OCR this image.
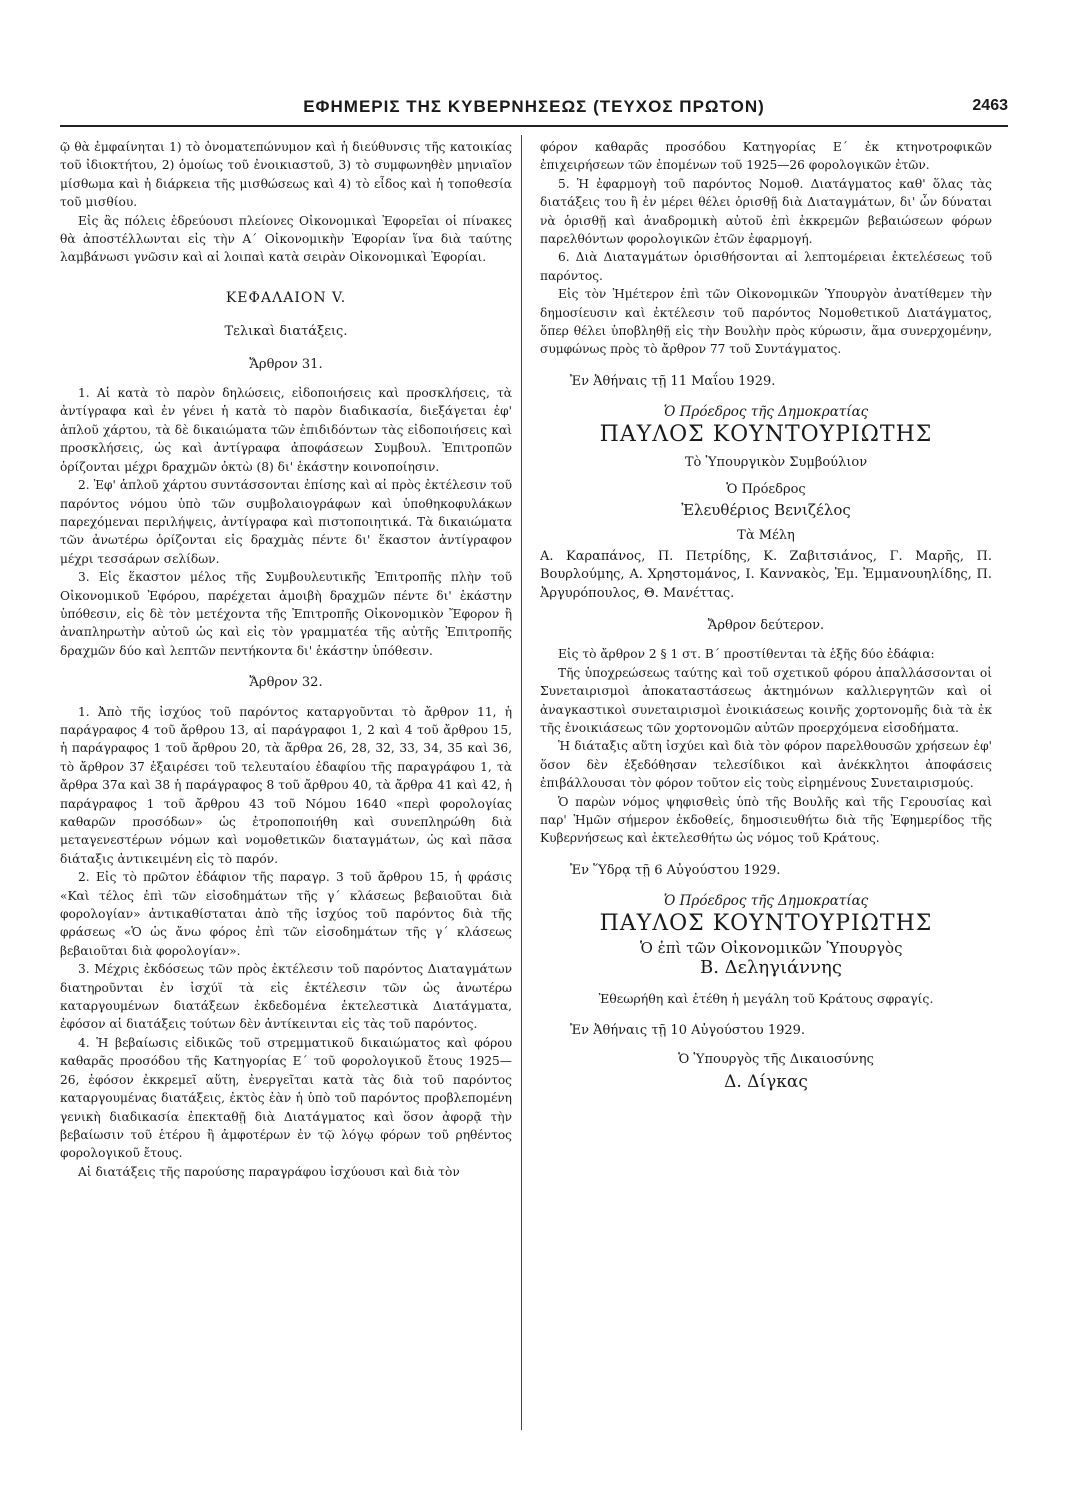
ΕΦΗΜΕΡΙΣ ΤΗΣ ΚΥΒΕΡΝΗΣΕΩΣ (ΤΕΥΧΟΣ ΠΡΩΤΟΝ)	2463

ῷ θὰ ἐμφαίνηται 1) τὸ ὀνοματεπώνυμον καὶ ἡ διεύθυνσις τῆς κατοικίας τοῦ ἰδιοκτήτου, 2) ὁμοίως τοῦ ἐνοικιαστοῦ, 3) τὸ συμφωνηθὲν μηνιαῖον μίσθωμα καὶ ἡ διάρκεια τῆς μισθώσεως καὶ 4) τὸ εἶδος καὶ ἡ τοποθεσία τοῦ μισθίου.

Εἰς ἃς πόλεις ἑδρεύουσι πλείονες Οἰκονομικαὶ Ἐφορεῖαι οἱ πίνακες θὰ ἀποστέλλωνται εἰς τὴν Α΄ Οἰκονομικὴν Ἐφορίαν ἵνα διὰ ταύτης λαμβάνωσι γνῶσιν καὶ αἱ λοιπαὶ κατὰ σειρὰν Οἰκονομικαὶ Ἐφορίαι.

ΚΕΦΑΛΑΙΟΝ V.

Τελικαὶ διατάξεις.

Ἄρθρον 31.

1. Αἱ κατὰ τὸ παρὸν δηλώσεις, εἰδοποιήσεις καὶ προσκλήσεις, τὰ ἀντίγραφα καὶ ἐν γένει ἡ κατὰ τὸ παρὸν διαδικασία, διεξάγεται ἐφ' ἁπλοῦ χάρτου, τὰ δὲ δικαιώματα τῶν ἐπιδιδόντων τὰς εἰδοποιήσεις καὶ προσκλήσεις, ὡς καὶ ἀντίγραφα ἀποφάσεων Συμβουλ. Ἐπιτροπῶν ὁρίζονται μέχρι δραχμῶν ὀκτὼ (8) δι' ἑκάστην κοινοποίησιν.

2. Ἐφ' ἁπλοῦ χάρτου συντάσσονται ἐπίσης καὶ αἱ πρὸς ἐκτέλεσιν τοῦ παρόντος νόμου ὑπὸ τῶν συμβολαιογράφων καὶ ὑποθηκοφυλάκων παρεχόμεναι περιλήψεις, ἀντίγραφα καὶ πιστοποιητικά. Τὰ δικαιώματα τῶν ἀνωτέρω ὁρίζονται εἰς δραχμὰς πέντε δι' ἕκαστον ἀντίγραφον μέχρι τεσσάρων σελίδων.

3. Εἰς ἕκαστον μέλος τῆς Συμβουλευτικῆς Ἐπιτροπῆς πλὴν τοῦ Οἰκονομικοῦ Ἐφόρου, παρέχεται ἀμοιβὴ δραχμῶν πέντε δι' ἑκάστην ὑπόθεσιν, εἰς δὲ τὸν μετέχοντα τῆς Ἐπιτροπῆς Οἰκονομικὸν Ἔφορον ἢ ἀναπληρωτὴν αὐτοῦ ὡς καὶ εἰς τὸν γραμματέα τῆς αὐτῆς Ἐπιτροπῆς δραχμῶν δύο καὶ λεπτῶν πεντήκοντα δι' ἑκάστην ὑπόθεσιν.

Ἄρθρον 32.

1. Ἀπὸ τῆς ἰσχύος τοῦ παρόντος καταργοῦνται τὸ ἄρθρον 11, ἡ παράγραφος 4 τοῦ ἄρθρου 13, αἱ παράγραφοι 1, 2 καὶ 4 τοῦ ἄρθρου 15, ἡ παράγραφος 1 τοῦ ἄρθρου 20, τὰ ἄρθρα 26, 28, 32, 33, 34, 35 καὶ 36, τὸ ἄρθρον 37 ἐξαιρέσει τοῦ τελευταίου ἐδαφίου τῆς παραγράφου 1, τὰ ἄρθρα 37α καὶ 38 ἡ παράγραφος 8 τοῦ ἄρθρου 40, τὰ ἄρθρα 41 καὶ 42, ἡ παράγραφος 1 τοῦ ἄρθρου 43 τοῦ Νόμου 1640 «περὶ φορολογίας καθαρῶν προσόδων» ὡς ἐτροποποιήθη καὶ συνεπληρώθη διὰ μεταγενεστέρων νόμων καὶ νομοθετικῶν διαταγμάτων, ὡς καὶ πᾶσα διάταξις ἀντικειμένη εἰς τὸ παρόν.

2. Εἰς τὸ πρῶτον ἐδάφιον τῆς παραγρ. 3 τοῦ ἄρθρου 15, ἡ φράσις «Καὶ τέλος ἐπὶ τῶν εἰσοδημάτων τῆς γ΄ κλάσεως βεβαιοῦται διὰ φορολογίαν» ἀντικαθίσταται ἀπὸ τῆς ἰσχύος τοῦ παρόντος διὰ τῆς φράσεως «Ὁ ὡς ἄνω φόρος ἐπὶ τῶν εἰσοδημάτων τῆς γ΄ κλάσεως βεβαιοῦται διὰ φορολογίαν».

3. Μέχρις ἐκδόσεως τῶν πρὸς ἐκτέλεσιν τοῦ παρόντος Διαταγμάτων διατηροῦνται ἐν ἰσχύϊ τὰ εἰς ἐκτέλεσιν τῶν ὡς ἀνωτέρω καταργουμένων διατάξεων ἐκδεδομένα ἐκτελεστικὰ Διατάγματα, ἐφόσον αἱ διατάξεις τούτων δὲν ἀντίκεινται εἰς τὰς τοῦ παρόντος.

4. Ἡ βεβαίωσις εἰδικῶς τοῦ στρεμματικοῦ δικαιώματος καὶ φόρου καθαρᾶς προσόδου τῆς Κατηγορίας Ε΄ τοῦ φορολογικοῦ ἔτους 1925—26, ἐφόσον ἐκκρεμεῖ αὕτη, ἐνεργεῖται κατὰ τὰς διὰ τοῦ παρόντος καταργουμένας διατάξεις, ἐκτὸς ἐὰν ἡ ὑπὸ τοῦ παρόντος προβλεπομένη γενικὴ διαδικασία ἐπεκταθῇ διὰ Διατάγματος καὶ ὅσον ἀφορᾷ τὴν βεβαίωσιν τοῦ ἑτέρου ἢ ἀμφοτέρων ἐν τῷ λόγῳ φόρων τοῦ ρηθέντος φορολογικοῦ ἔτους.

Αἱ διατάξεις τῆς παρούσης παραγράφου ἰσχύουσι καὶ διὰ τὸν

φόρον καθαρᾶς προσόδου Κατηγορίας Ε΄ ἐκ κτηνοτροφικῶν ἐπιχειρήσεων τῶν ἐπομένων τοῦ 1925—26 φορολογικῶν ἐτῶν.

5. Ἡ ἐφαρμογὴ τοῦ παρόντος Νομοθ. Διατάγματος καθ' ὅλας τὰς διατάξεις του ἢ ἐν μέρει θέλει ὁρισθῇ διὰ Διαταγμάτων, δι' ὧν δύναται νὰ ὁρισθῇ καὶ ἀναδρομικὴ αὐτοῦ ἐπὶ ἐκκρεμῶν βεβαιώσεων φόρων παρελθόντων φορολογικῶν ἐτῶν ἐφαρμογή.

6. Διὰ Διαταγμάτων ὁρισθήσονται αἱ λεπτομέρειαι ἐκτελέσεως τοῦ παρόντος.

Εἰς τὸν Ἡμέτερον ἐπὶ τῶν Οἰκονομικῶν Ὑπουργὸν ἀνατίθεμεν τὴν δημοσίευσιν καὶ ἐκτέλεσιν τοῦ παρόντος Νομοθετικοῦ Διατάγματος, ὅπερ θέλει ὑποβληθῇ εἰς τὴν Βουλὴν πρὸς κύρωσιν, ἅμα συνερχομένην, συμφώνως πρὸς τὸ ἄρθρον 77 τοῦ Συντάγματος.

Ἐν Ἀθήναις τῇ 11 Μαΐου 1929.

Ὁ Πρόεδρος τῆς Δημοκρατίας

ΠΑΥΛΟΣ ΚΟΥΝΤΟΥΡΙΩΤΗΣ

Τὸ Ὑπουργικὸν Συμβούλιον

Ὁ Πρόεδρος

Ἐλευθέριος Βενιζέλος

Τὰ Μέλη

Α. Καραπάνος, Π. Πετρίδης, Κ. Ζαβιτσιάνος, Γ. Μαρῆς, Π. Βουρλούμης, Α. Χρηστομάνος, Ι. Καννακὸς, Ἐμ. Ἐμμανουηλίδης, Π. Ἀργυρόπουλος, Θ. Μανέττας.

Ἄρθρον δεύτερον.

Εἰς τὸ ἄρθρον 2 § 1 στ. Β΄ προστίθενται τὰ ἑξῆς δύο ἐδάφια:

Τῆς ὑποχρεώσεως ταύτης καὶ τοῦ σχετικοῦ φόρου ἀπαλλάσσονται οἱ Συνεταιρισμοὶ ἀποκαταστάσεως ἀκτημόνων καλλιεργητῶν καὶ οἱ ἀναγκαστικοὶ συνεταιρισμοὶ ἐνοικιάσεως κοινῆς χορτονομῆς διὰ τὰ ἐκ τῆς ἐνοικιάσεως τῶν χορτονομῶν αὐτῶν προερχόμενα εἰσοδήματα.

Ἡ διάταξις αὕτη ἰσχύει καὶ διὰ τὸν φόρον παρελθουσῶν χρήσεων ἐφ' ὅσον δὲν ἐξεδόθησαν τελεσίδικοι καὶ ἀνέκκλητοι ἀποφάσεις ἐπιβάλλουσαι τὸν φόρον τοῦτον εἰς τοὺς εἰρημένους Συνεταιρισμούς.

Ὁ παρὼν νόμος ψηφισθεὶς ὑπὸ τῆς Βουλῆς καὶ τῆς Γερουσίας καὶ παρ' Ἡμῶν σήμερον ἐκδοθείς, δημοσιευθήτω διὰ τῆς Ἐφημερίδος τῆς Κυβερνήσεως καὶ ἐκτελεσθήτω ὡς νόμος τοῦ Κράτους.

Ἐν Ὕδρᾳ τῇ 6 Αὐγούστου 1929.

Ὁ Πρόεδρος τῆς Δημοκρατίας

ΠΑΥΛΟΣ ΚΟΥΝΤΟΥΡΙΩΤΗΣ

Ὁ ἐπὶ τῶν Οἰκονομικῶν Ὑπουργὸς

Β. Δεληγιάννης

Ἐθεωρήθη καὶ ἐτέθη ἡ μεγάλη τοῦ Κράτους σφραγίς.

Ἐν Ἀθήναις τῇ 10 Αὐγούστου 1929.

Ὁ Ὑπουργὸς τῆς Δικαιοσύνης

Δ. Δίγκας
